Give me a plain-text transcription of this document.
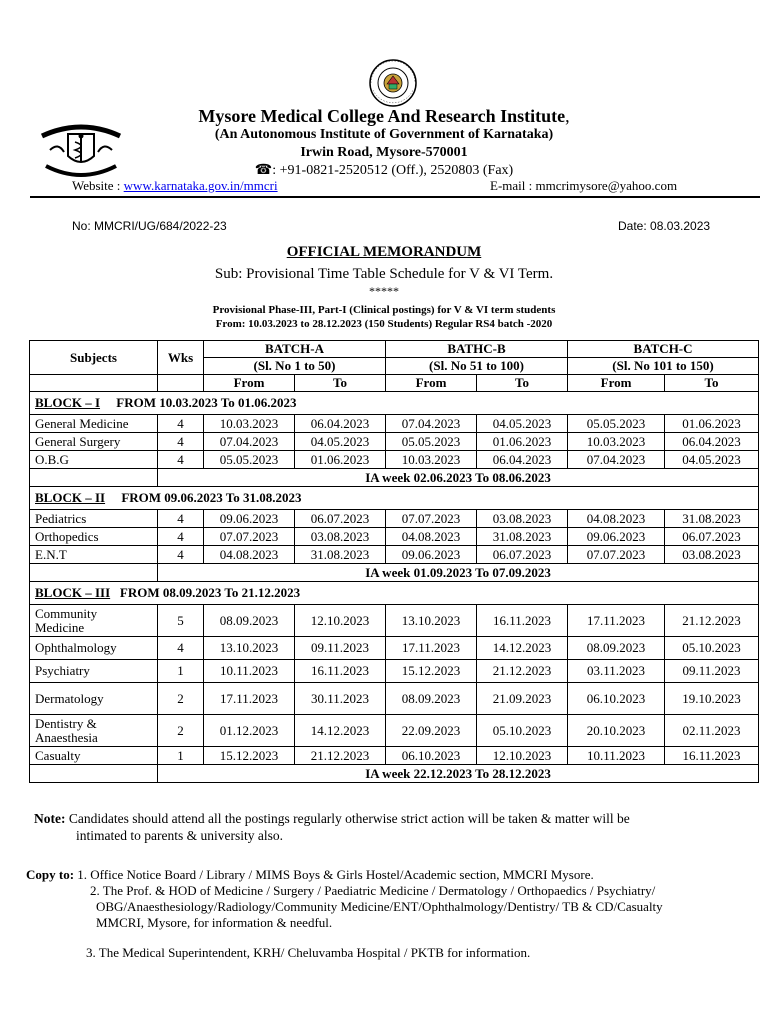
Mysore Medical College And Research Institute,
(An Autonomous Institute of Government of Karnataka)
Irwin Road, Mysore-570001
☎: +91-0821-2520512 (Off.), 2520803 (Fax)
Website : www.karnataka.gov.in/mmcri	E-mail : mmcrimysore@yahoo.com
No: MMCRI/UG/684/2022-23	Date: 08.03.2023
OFFICIAL MEMORANDUM
Sub: Provisional Time Table Schedule for V & VI Term.
*****
Provisional Phase-III, Part-I (Clinical postings) for V & VI term students
From: 10.03.2023 to 28.12.2023 (150 Students) Regular RS4 batch -2020
Subjects	Wks	BATCH-A		BATHC-B		BATCH-C	
		(Sl. No 1 to 50)		(Sl. No 51 to 100)		(Sl. No 101 to 150)	
		From	To	From	To	From	To
BLOCK – I FROM 10.03.2023 To 01.06.2023							
General Medicine	4	10.03.2023	06.04.2023	07.04.2023	04.05.2023	05.05.2023	01.06.2023
General Surgery	4	07.04.2023	04.05.2023	05.05.2023	01.06.2023	10.03.2023	06.04.2023
O.B.G	4	05.05.2023	01.06.2023	10.03.2023	06.04.2023	07.04.2023	04.05.2023
	IA week 02.06.2023 To 08.06.2023						
BLOCK – II FROM 09.06.2023 To 31.08.2023							
Pediatrics	4	09.06.2023	06.07.2023	07.07.2023	03.08.2023	04.08.2023	31.08.2023
Orthopedics	4	07.07.2023	03.08.2023	04.08.2023	31.08.2023	09.06.2023	06.07.2023
E.N.T	4	04.08.2023	31.08.2023	09.06.2023	06.07.2023	07.07.2023	03.08.2023
	IA week 01.09.2023 To 07.09.2023						
BLOCK – III FROM 08.09.2023 To 21.12.2023							
Community
Medicine	5	08.09.2023	12.10.2023	13.10.2023	16.11.2023	17.11.2023	21.12.2023
Ophthalmology	4	13.10.2023	09.11.2023	17.11.2023	14.12.2023	08.09.2023	05.10.2023
Psychiatry	1	10.11.2023	16.11.2023	15.12.2023	21.12.2023	03.11.2023	09.11.2023
Dermatology	2	17.11.2023	30.11.2023	08.09.2023	21.09.2023	06.10.2023	19.10.2023
Dentistry &
Anaesthesia	2	01.12.2023	14.12.2023	22.09.2023	05.10.2023	20.10.2023	02.11.2023
Casualty	1	15.12.2023	21.12.2023	06.10.2023	12.10.2023	10.11.2023	16.11.2023
	IA week 22.12.2023 To 28.12.2023						
Note: Candidates should attend all the postings regularly otherwise strict action will be taken & matter will be
intimated to parents & university also.
Copy to: 1. Office Notice Board / Library / MIMS Boys & Girls Hostel/Academic section, MMCRI Mysore.
2. The Prof. & HOD of Medicine / Surgery / Paediatric Medicine / Dermatology / Orthopaedics / Psychiatry/
OBG/Anaesthesiology/Radiology/Community Medicine/ENT/Ophthalmology/Dentistry/ TB & CD/Casualty
MMCRI, Mysore, for information & needful.
3. The Medical Superintendent, KRH/ Cheluvamba Hospital / PKTB for information.
